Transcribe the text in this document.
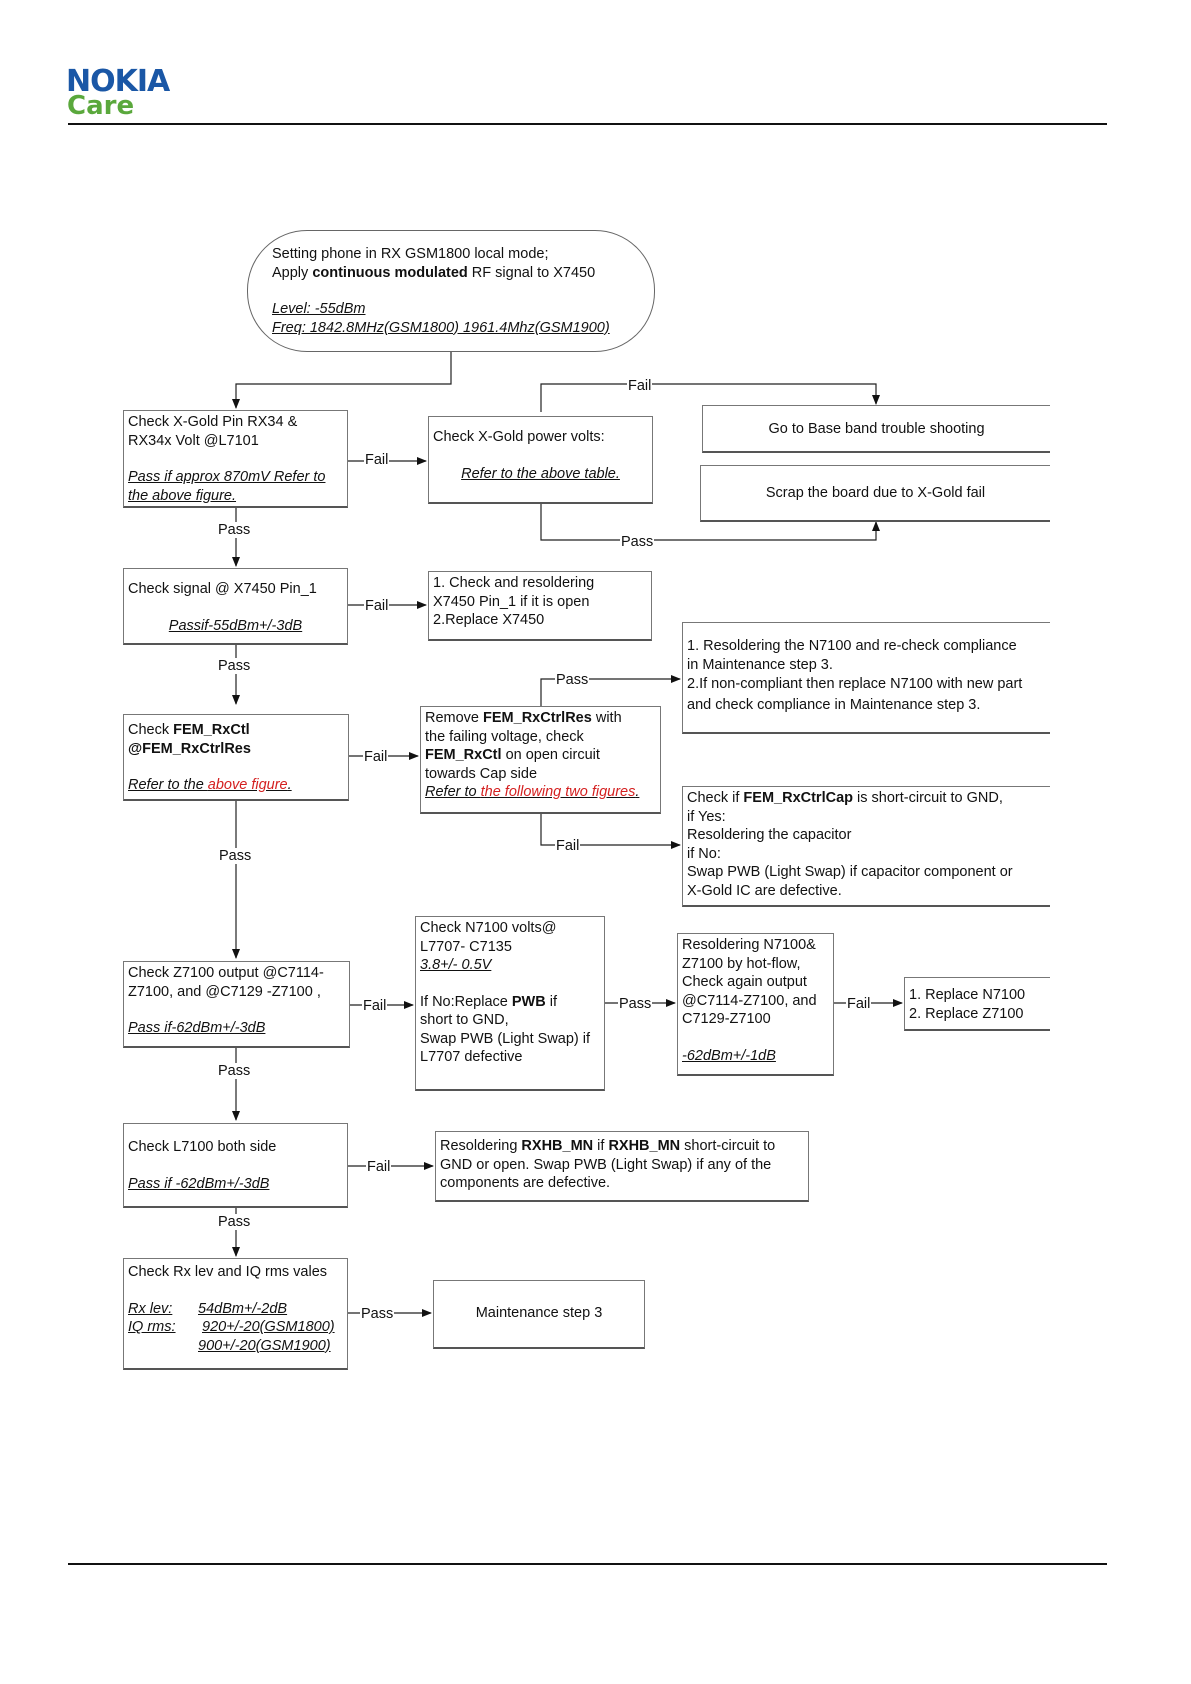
NOKIA
Care
Fail
Fail
Pass
Pass
Fail
Pass
Pass
Fail
Fail
Pass
Fail	Pass	Fail
Pass
Fail
Pass
Pass
Setting phone in RX GSM1800 local mode;
Apply continuous modulated RF signal to X7450
Level: -55dBm
Freq: 1842.8MHz(GSM1800) 1961.4Mhz(GSM1900)
Check X-Gold Pin RX34 &
RX34x Volt @L7101
Pass if approx 870mV Refer to
the above figure.
Check X-Gold power volts:
Refer to the above table.
Go to Base band trouble shooting
Scrap the board due to X-Gold fail
Check signal @ X7450 Pin_1
Passif-55dBm+/-3dB
1. Check and resoldering
X7450 Pin_1 if it is open
2.Replace X7450
1. Resoldering the N7100 and re-check compliance
in Maintenance step 3.
2.If non-compliant then replace N7100 with new part
and check compliance in Maintenance step 3.
Check FEM_RxCtl
@FEM_RxCtrlRes
Refer to the above figure.
Remove FEM_RxCtrlRes with
the failing voltage, check
FEM_RxCtl on open circuit
towards Cap side
Refer to the following two figures.	Check if FEM_RxCtrlCap is short-circuit to GND,
if Yes:
Resoldering the capacitor
if No:
Swap PWB (Light Swap) if capacitor component or
X-Gold IC are defective.
Check Z7100 output @C7114-
Z7100, and @C7129 -Z7100 ,
Pass if-62dBm+/-3dB
Check N7100 volts@
L7707- C7135
3.8+/- 0.5V
If No:Replace PWB if
short to GND,
Swap PWB (Light Swap) if
L7707 defective
Resoldering N7100&
Z7100 by hot-flow,
Check again output
@C7114-Z7100, and
C7129-Z7100
-62dBm+/-1dB
1. Replace N7100
2. Replace Z7100
Check L7100 both side
Pass if -62dBm+/-3dB
Resoldering RXHB_MN if RXHB_MN short-circuit to
GND or open. Swap PWB (Light Swap) if any of the
components are defective.
Check Rx lev and IQ rms vales
Rx lev:	54dBm+/-2dB
IQ rms:	920+/-20(GSM1800)
900+/-20(GSM1900)
Maintenance step 3
